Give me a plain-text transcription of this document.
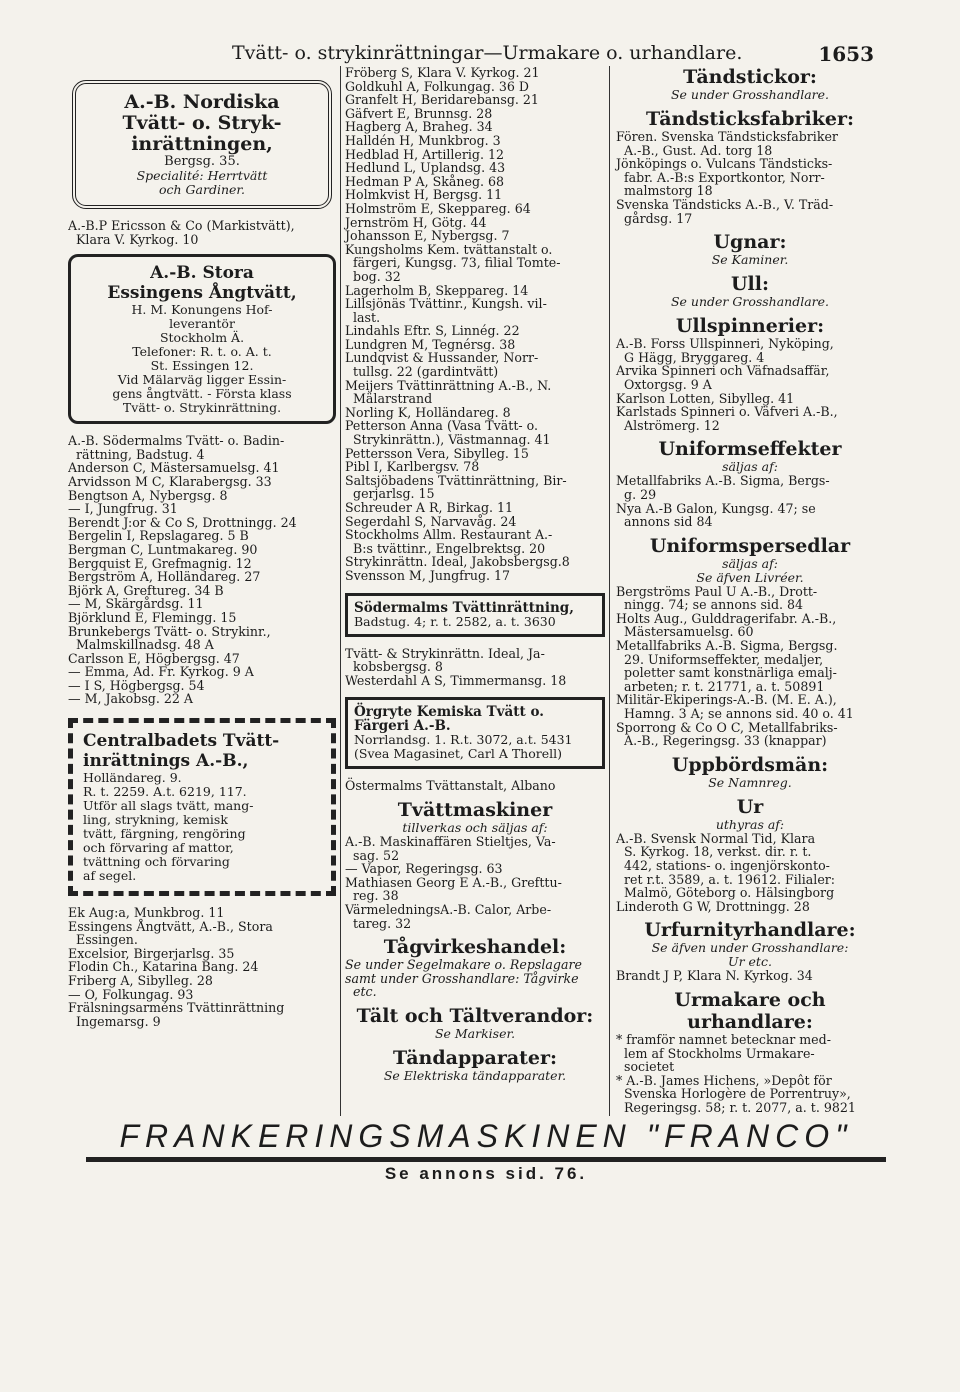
Tvätt- o. strykinrättningar—Urmakare o. urhandlare.	1653
A.-B. Nordiska
Tvätt- o. Stryk-
inrättningen,
Bergsg. 35.
Specialité: Herrtvätt
och Gardiner.
A.-B.P Ericsson & Co (Markistvätt),
Klara V. Kyrkog. 10
A.-B. Stora
Essingens Ångtvätt,
H. M. Konungens Hof-
leverantör
Stockholm Ä.
Telefoner: R. t. o. A. t.
St. Essingen 12.
Vid Mälarväg ligger Essin-
gens ångtvätt. - Första klass
Tvätt- o. Strykinrättning.
A.-B. Södermalms Tvätt- o. Badin-
rättning, Badstug. 4
Anderson C, Mästersamuelsg. 41
Arvidsson M C, Klarabergsg. 33
Bengtson A, Nybergsg. 8
— I, Jungfrug. 31
Berendt J:or & Co S, Drottningg. 24
Bergelin I, Repslagareg. 5 B
Bergman C, Luntmakareg. 90
Bergquist E, Grefmagnig. 12
Bergström A, Holländareg. 27
Björk A, Greftureg. 34 B
— M, Skärgårdsg. 11
Björklund E, Flemingg. 15
Brunkebergs Tvätt- o. Strykinr.,
Malmskillnadsg. 48 A
Carlsson E, Högbergsg. 47
— Emma, Ad. Fr. Kyrkog. 9 A
— I S, Högbergsg. 54
— M, Jakobsg. 22 A
Centralbadets Tvätt-
inrättnings A.-B.,
Holländareg. 9.
R. t. 2259. A.t. 6219, 117.
Utför all slags tvätt, mang-
ling, strykning, kemisk
tvätt, färgning, rengöring
och förvaring af mattor,
tvättning och förvaring
af segel.
Ek Aug:a, Munkbrog. 11
Essingens Ångtvätt, A.-B., Stora
Essingen.
Excelsior, Birgerjarlsg. 35
Flodin Ch., Katarina Bang. 24
Friberg A, Sibylleg. 28
— O, Folkungag. 93
Frälsningsarméns Tvättinrättning
Ingemarsg. 9
Fröberg S, Klara V. Kyrkog. 21
Goldkuhl A, Folkungag. 36 D
Granfelt H, Beridarebansg. 21
Gäfvert E, Brunnsg. 28
Hagberg A, Braheg. 34
Halldén H, Munkbrog. 3
Hedblad H, Artillerig. 12
Hedlund L, Uplandsg. 43
Hedman P A, Skåneg. 68
Holmkvist H, Bergsg. 11
Holmström E, Skeppareg. 64
Jernström H, Götg. 44
Johansson E, Nybergsg. 7
Kungsholms Kem. tvättanstalt o.
färgeri, Kungsg. 73, filial Tomte-
bog. 32
Lagerholm B, Skeppareg. 14
Lillsjönäs Tvättinr., Kungsh. vil-
last.
Lindahls Eftr. S, Linnég. 22
Lundgren M, Tegnérsg. 38
Lundqvist & Hussander, Norr-
tullsg. 22 (gardintvätt)
Meijers Tvättinrättning A.-B., N.
Mälarstrand
Norling K, Holländareg. 8
Petterson Anna (Vasa Tvätt- o.
Strykinrättn.), Västmannag. 41
Pettersson Vera, Sibylleg. 15
Pibl I, Karlbergsv. 78
Saltsjöbadens Tvättinrättning, Bir-
gerjarlsg. 15
Schreuder A R, Birkag. 11
Segerdahl S, Narvavåg. 24
Stockholms Allm. Restaurant A.-
B:s tvättinr., Engelbrektsg. 20
Strykinrättn. Ideal, Jakobsbergsg.8
Svensson M, Jungfrug. 17
Södermalms Tvättinrättning,
Badstug. 4; r. t. 2582, a. t. 3630
Tvätt- & Strykinrättn. Ideal, Ja-
kobsbergsg. 8
Westerdahl A S, Timmermansg. 18
Örgryte Kemiska Tvätt o. Färgeri A.-B.
Norrlandsg. 1. R.t. 3072, a.t. 5431
(Svea Magasinet, Carl A Thorell)
Östermalms Tvättanstalt, Albano
Tvättmaskiner
tillverkas och säljas af:
A.-B. Maskinaffären Stieltjes, Va-
sag. 52
— Vapor, Regeringsg. 63
Mathiasen Georg E A.-B., Grefttu-
reg. 38
VärmeledningsA.-B. Calor, Arbe-
tareg. 32
Tågvirkeshandel:
Se under Segelmakare o. Repslagare
samt under Grosshandlare: Tågvirke
etc.
Tält och Tältverandor:
Se Markiser.
Tändapparater:
Se Elektriska tändapparater.
Tändstickor:
Se under Grosshandlare.
Tändsticksfabriker:
Fören. Svenska Tändsticksfabriker
A.-B., Gust. Ad. torg 18
Jönköpings o. Vulcans Tändsticks-
fabr. A.-B:s Exportkontor, Norr-
malmstorg 18
Svenska Tändsticks A.-B., V. Träd-
gårdsg. 17
Ugnar:
Se Kaminer.
Ull:
Se under Grosshandlare.
Ullspinnerier:
A.-B. Forss Ullspinneri, Nyköping,
G Hägg, Bryggareg. 4
Arvika Spinneri och Väfnadsaffär,
Oxtorgsg. 9 A
Karlson Lotten, Sibylleg. 41
Karlstads Spinneri o. Väfveri A.-B.,
Alströmerg. 12
Uniformseffekter
säljas af:
Metallfabriks A.-B. Sigma, Bergs-
g. 29
Nya A.-B Galon, Kungsg. 47; se
annons sid 84
Uniformspersedlar
säljas af:
Se äfven Livréer.
Bergströms Paul U A.-B., Drott-
ningg. 74; se annons sid. 84
Holts Aug., Gulddragerifabr. A.-B.,
Mästersamuelsg. 60
Metallfabriks A.-B. Sigma, Bergsg.
29. Uniformseffekter, medaljer,
poletter samt konstnärliga emalj-
arbeten; r. t. 21771, a. t. 50891
Militär-Ekiperings-A.-B. (M. E. A.),
Hamng. 3 A; se annons sid. 40 o. 41
Sporrong & Co O C, Metallfabriks-
A.-B., Regeringsg. 33 (knappar)
Uppbördsmän:
Se Namnreg.
Ur
uthyras af:
A.-B. Svensk Normal Tid, Klara
S. Kyrkog. 18, verkst. dir. r. t.
442, stations- o. ingenjörskonto-
ret r.t. 3589, a. t. 19612. Filialer:
Malmö, Göteborg o. Hälsingborg
Linderoth G W, Drottningg. 28
Urfurnityrhandlare:
Se äfven under Grosshandlare:
Ur etc.
Brandt J P, Klara N. Kyrkog. 34
Urmakare och urhandlare:
* framför namnet betecknar med-
lem af Stockholms Urmakare-
societet
* A.-B. James Hichens, »Depôt för
Svenska Horlogère de Porrentruy»,
Regeringsg. 58; r. t. 2077, a. t. 9821
FRANKERINGSMASKINEN "FRANCO"
Se annons sid. 76.
